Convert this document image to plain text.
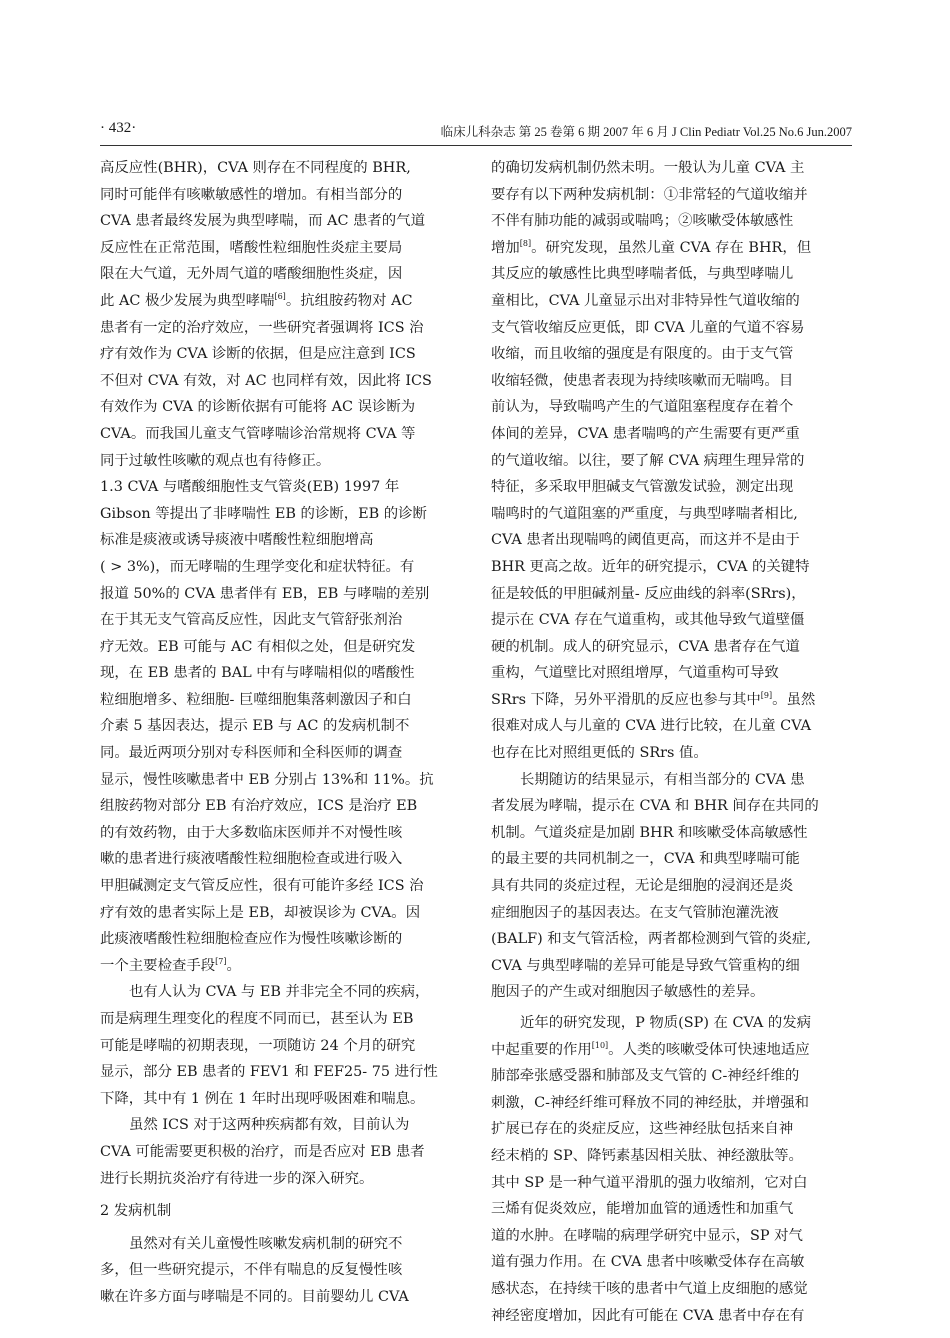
· 432·	临床儿科杂志 第 25 卷第 6 期 2007 年 6 月 J Clin Pediatr Vol.25 No.6 Jun.2007
高反应性(BHR)，CVA 则存在不同程度的 BHR,
同时可能伴有咳嗽敏感性的增加。有相当部分的
CVA 患者最终发展为典型哮喘，而 AC 患者的气道
反应性在正常范围，嗜酸性粒细胞性炎症主要局
限在大气道，无外周气道的嗜酸细胞性炎症，因
此 AC 极少发展为典型哮喘[6]。抗组胺药物对 AC
患者有一定的治疗效应，一些研究者强调将 ICS 治
疗有效作为 CVA 诊断的依据，但是应注意到 ICS
不但对 CVA 有效，对 AC 也同样有效，因此将 ICS
有效作为 CVA 的诊断依据有可能将 AC 误诊断为
CVA。而我国儿童支气管哮喘诊治常规将 CVA 等
同于过敏性咳嗽的观点也有待修正。
1.3 CVA 与嗜酸细胞性支气管炎(EB) 1997 年
Gibson 等提出了非哮喘性 EB 的诊断，EB 的诊断
标准是痰液或诱导痰液中嗜酸性粒细胞增高
( > 3%)，而无哮喘的生理学变化和症状特征。有
报道 50%的 CVA 患者伴有 EB，EB 与哮喘的差别
在于其无支气管高反应性，因此支气管舒张剂治
疗无效。EB 可能与 AC 有相似之处，但是研究发
现，在 EB 患者的 BAL 中有与哮喘相似的嗜酸性
粒细胞增多、粒细胞- 巨噬细胞集落刺激因子和白
介素 5 基因表达，提示 EB 与 AC 的发病机制不
同。最近两项分别对专科医师和全科医师的调查
显示，慢性咳嗽患者中 EB 分别占 13%和 11%。抗
组胺药物对部分 EB 有治疗效应，ICS 是治疗 EB
的有效药物，由于大多数临床医师并不对慢性咳
嗽的患者进行痰液嗜酸性粒细胞检查或进行吸入
甲胆碱测定支气管反应性，很有可能许多经 ICS 治
疗有效的患者实际上是 EB，却被误诊为 CVA。因
此痰液嗜酸性粒细胞检查应作为慢性咳嗽诊断的
一个主要检查手段[7]。
也有人认为 CVA 与 EB 并非完全不同的疾病，
而是病理生理变化的程度不同而已，甚至认为 EB
可能是哮喘的初期表现，一项随访 24 个月的研究
显示，部分 EB 患者的 FEV1 和 FEF25- 75 进行性
下降，其中有 1 例在 1 年时出现呼吸困难和喘息。
虽然 ICS 对于这两种疾病都有效，目前认为
CVA 可能需要更积极的治疗，而是否应对 EB 患者
进行长期抗炎治疗有待进一步的深入研究。
2 发病机制
虽然对有关儿童慢性咳嗽发病机制的研究不
多，但一些研究提示，不伴有喘息的反复慢性咳
嗽在许多方面与哮喘是不同的。目前婴幼儿 CVA
的确切发病机制仍然未明。一般认为儿童 CVA 主
要存有以下两种发病机制：①非常轻的气道收缩并
不伴有肺功能的减弱或喘鸣；②咳嗽受体敏感性
增加[8]。研究发现，虽然儿童 CVA 存在 BHR，但
其反应的敏感性比典型哮喘者低，与典型哮喘儿
童相比，CVA 儿童显示出对非特异性气道收缩的
支气管收缩反应更低，即 CVA 儿童的气道不容易
收缩，而且收缩的强度是有限度的。由于支气管
收缩轻微，使患者表现为持续咳嗽而无喘鸣。目
前认为，导致喘鸣产生的气道阻塞程度存在着个
体间的差异，CVA 患者喘鸣的产生需要有更严重
的气道收缩。以往，要了解 CVA 病理生理异常的
特征，多采取甲胆碱支气管激发试验，测定出现
喘鸣时的气道阻塞的严重度，与典型哮喘者相比,
CVA 患者出现喘鸣的阈值更高，而这并不是由于
BHR 更高之故。近年的研究提示，CVA 的关键特
征是较低的甲胆碱剂量- 反应曲线的斜率(SRrs)，
提示在 CVA 存在气道重构，或其他导致气道壁僵
硬的机制。成人的研究显示，CVA 患者存在气道
重构，气道壁比对照组增厚，气道重构可导致
SRrs 下降，另外平滑肌的反应也参与其中[9]。虽然
很难对成人与儿童的 CVA 进行比较，在儿童 CVA
也存在比对照组更低的 SRrs 值。
长期随访的结果显示，有相当部分的 CVA 患
者发展为哮喘，提示在 CVA 和 BHR 间存在共同的
机制。气道炎症是加剧 BHR 和咳嗽受体高敏感性
的最主要的共同机制之一，CVA 和典型哮喘可能
具有共同的炎症过程，无论是细胞的浸润还是炎
症细胞因子的基因表达。在支气管肺泡灌洗液
(BALF) 和支气管活检，两者都检测到气管的炎症,
CVA 与典型哮喘的差异可能是导致气管重构的细
胞因子的产生或对细胞因子敏感性的差异。
近年的研究发现，P 物质(SP) 在 CVA 的发病
中起重要的作用[10]。人类的咳嗽受体可快速地适应
肺部牵张感受器和肺部及支气管的 C-神经纤维的
刺激，C-神经纤维可释放不同的神经肽，并增强和
扩展已存在的炎症反应，这些神经肽包括来自神
经末梢的 SP、降钙素基因相关肽、神经激肽等。
其中 SP 是一种气道平滑肌的强力收缩剂，它对白
三烯有促炎效应，能增加血管的通透性和加重气
道的水肿。在哮喘的病理学研究中显示，SP 对气
道有强力作用。在 CVA 患者中咳嗽受体存在高敏
感状态，在持续干咳的患者中气道上皮细胞的感觉
神经密度增加，因此有可能在 CVA 患者中存在有
